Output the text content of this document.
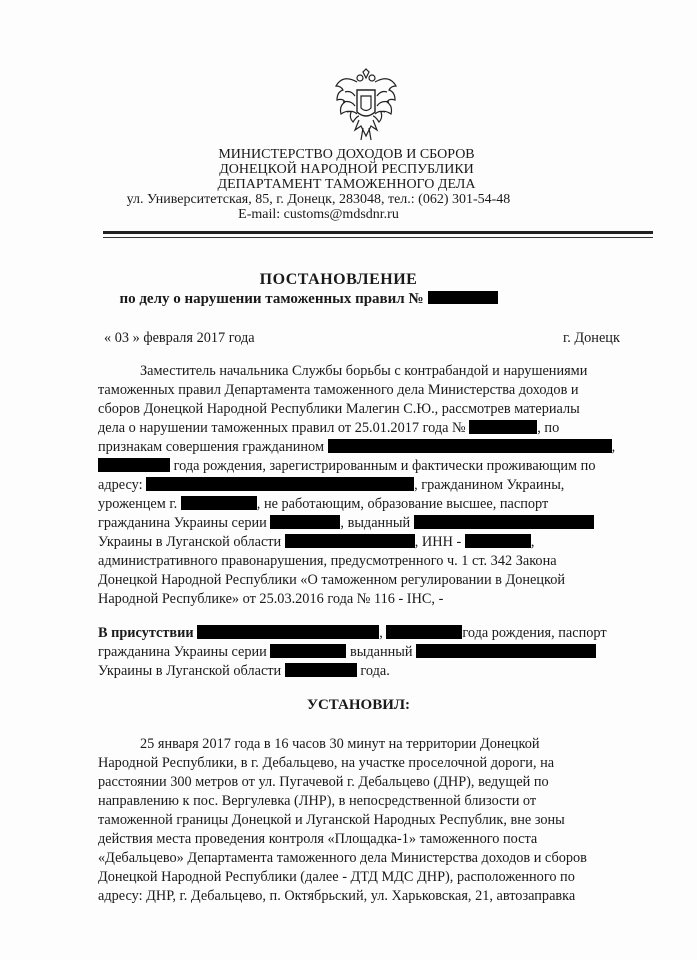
МИНИСТЕРСТВО ДОХОДОВ И СБОРОВ
ДОНЕЦКОЙ НАРОДНОЙ РЕСПУБЛИКИ
ДЕПАРТАМЕНТ ТАМОЖЕННОГО ДЕЛА
ул. Университетская, 85, г. Донецк, 283048, тел.: (062) 301-54-48
E-mail: customs@mdsdnr.ru
ПОСТАНОВЛЕНИЕ
по делу о нарушении таможенных правил №
« 03 » февраля 2017 года	г. Донецк
Заместитель начальника Службы борьбы с контрабандой и нарушениями
таможенных правил Департамента таможенного дела Министерства доходов и
сборов Донецкой Народной Республики Малегин С.Ю., рассмотрев материалы
дела о нарушении таможенных правил от 25.01.2017 года №	, по
признакам совершения гражданином	,
года рождения, зарегистрированным и фактически проживающим по
адресу:	, гражданином Украины,
уроженцем г.	, не работающим, образование высшее, паспорт
гражданина Украины серии	, выданный
Украины в Луганской области	, ИНН -	,
административного правонарушения, предусмотренного ч. 1 ст. 342 Закона
Донецкой Народной Республики «О таможенном регулировании в Донецкой
Народной Республике» от 25.03.2016 года № 116 - IHC, -
В присутствии	,	года рождения, паспорт
гражданина Украины серии	выданный
Украины в Луганской области	года.
УСТАНОВИЛ:
25 января 2017 года в 16 часов 30 минут на территории Донецкой
Народной Республики, в г. Дебальцево, на участке проселочной дороги, на
расстоянии 300 метров от ул. Пугачевой г. Дебальцево (ДНР), ведущей по
направлению к пос. Вергулевка (ЛНР), в непосредственной близости от
таможенной границы Донецкой и Луганской Народных Республик, вне зоны
действия места проведения контроля «Площадка-1» таможенного поста
«Дебальцево» Департамента таможенного дела Министерства доходов и сборов
Донецкой Народной Республики (далее - ДТД МДС ДНР), расположенного по
адресу: ДНР, г. Дебальцево, п. Октябрьский, ул. Харьковская, 21, автозаправка
